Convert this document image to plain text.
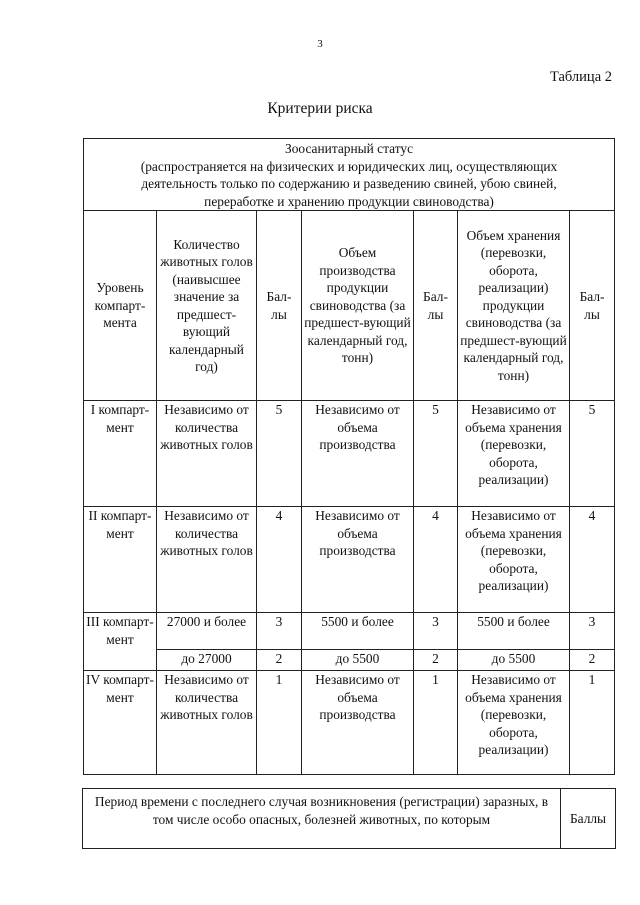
3
Таблица 2
Критерии риска
Зоосанитарный статус
(распространяется на физических и юридических лиц, осуществляющих
деятельность только по содержанию и разведению свиней, убою свиней,
переработке и хранению продукции свиноводства)						

Уровень компарт-мента	Количество животных голов (наивысшее значение за предшест-вующий календарный год)	Бал-лы	Объем производства продукции свиноводства (за предшест-вующий календарный год, тонн)	Бал-лы	Объем хранения (перевозки, оборота, реализации) продукции свиноводства (за предшест-вующий календарный год, тонн)	Бал-лы
I компарт-мент	Независимо от количества животных голов	5	Независимо от объема производства	5	Независимо от объема хранения (перевозки, оборота, реализации)	5
II компарт-мент	Независимо от количества животных голов	4	Независимо от объема производства	4	Независимо от объема хранения (перевозки, оборота, реализации)	4
III компарт-мент	27000 и более	3	5500 и более	3	5500 и более	3
	до 27000	2	до 5500	2	до 5500	2
IV компарт-мент	Независимо от количества животных голов	1	Независимо от объема производства	1	Независимо от объема хранения (перевозки, оборота, реализации)	1
Период времени с последнего случая возникновения (регистрации) заразных, в том числе особо опасных, болезней животных, по которым	Баллы
